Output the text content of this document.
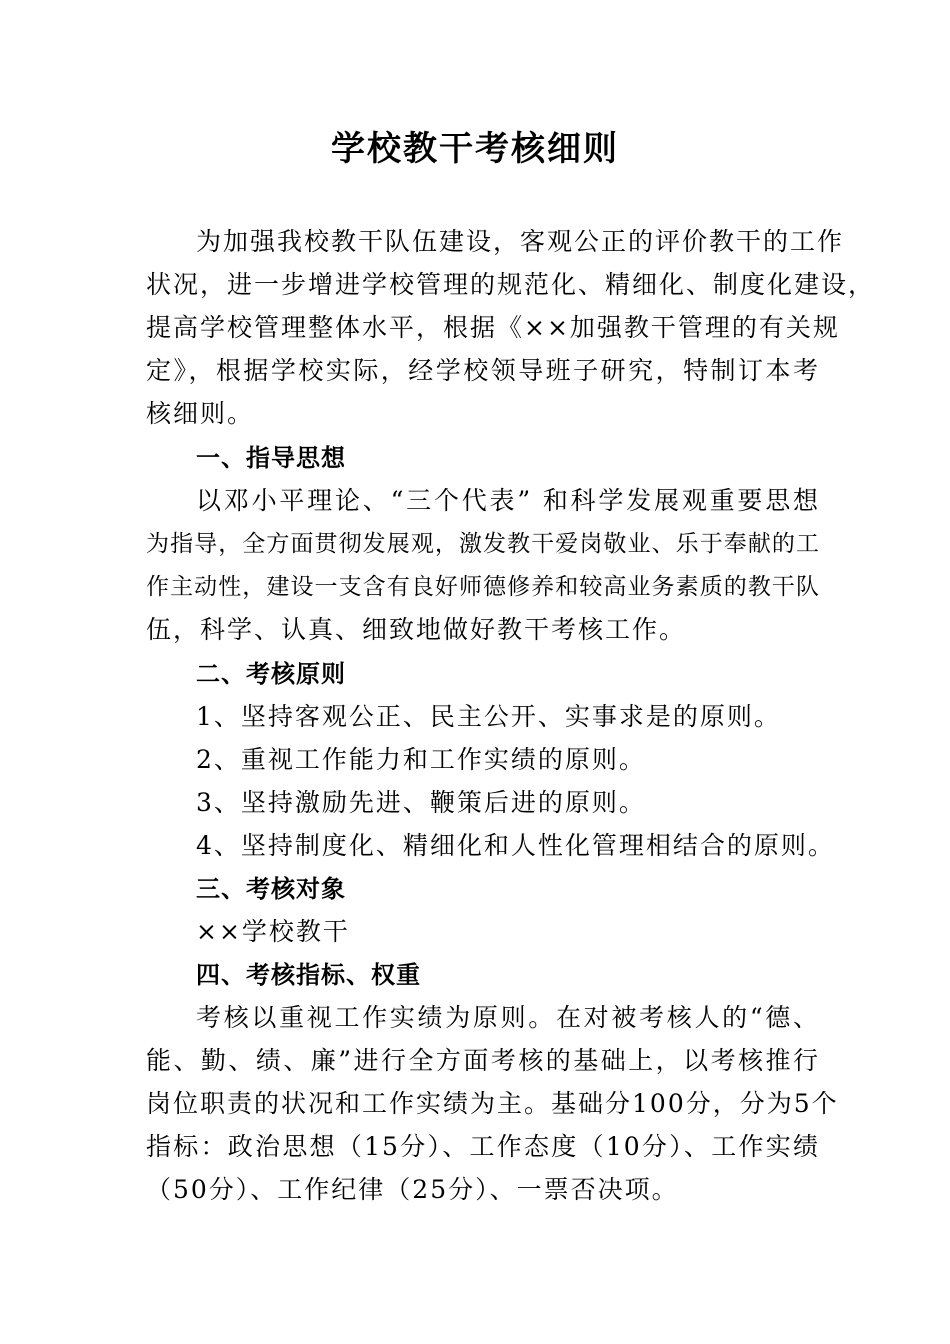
学校教干考核细则
为加强我校教干队伍建设，客观公正的评价教干的工作
状况，进一步增进学校管理的规范化、精细化、制度化建设，
提高学校管理整体水平，根据《××加强教干管理的有关规
定》，根据学校实际，经学校领导班子研究，特制订本考
核细则。
一、指导思想
以邓小平理论、“三个代表” 和科学发展观重要思想
为指导，全方面贯彻发展观，激发教干爱岗敬业、乐于奉献的工
作主动性，建设一支含有良好师德修养和较高业务素质的教干队
伍，科学、认真、细致地做好教干考核工作。
二、考核原则
1、坚持客观公正、民主公开、实事求是的原则。
2、重视工作能力和工作实绩的原则。
3、坚持激励先进、鞭策后进的原则。
4、坚持制度化、精细化和人性化管理相结合的原则。
三、考核对象
××学校教干
四、考核指标、权重
考核以重视工作实绩为原则。在对被考核人的“德、
能、勤、绩、廉”进行全方面考核的基础上，以考核推行
岗位职责的状况和工作实绩为主。基础分100分，分为5个
指标：政治思想（15分）、工作态度（10分）、工作实绩
（50分）、工作纪律（25分）、一票否决项。
